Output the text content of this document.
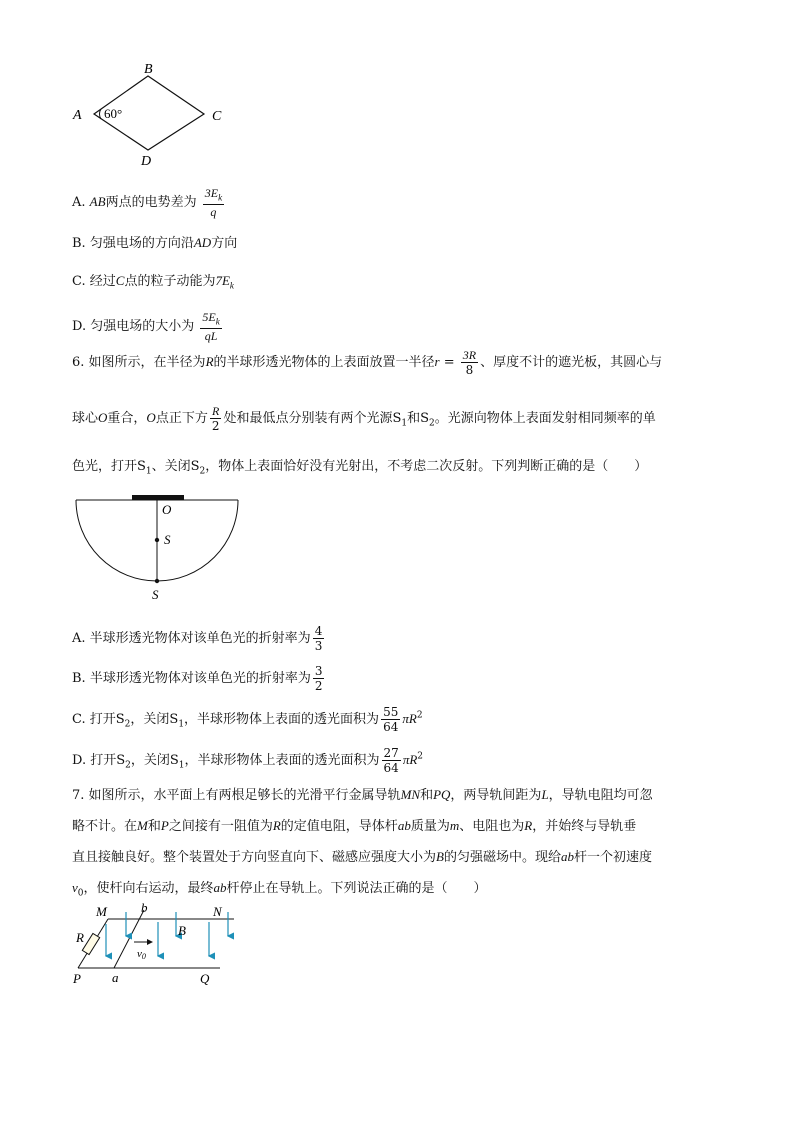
B
A 60°	C
D
A. AB两点的电势差为 $\frac{3E_k}{q}$
B. 匀强电场的方向沿AD方向
C. 经过C点的粒子动能为$7E_k$
D. 匀强电场的大小为 $\frac{5E_k}{qL}$
6. 如图所示，在半径为R的半球形透光物体的上表面放置一半径$r = \frac{3R}{8}$ 、厚度不计的遮光板，其圆心与
球心O重合，O点正下方 $\frac{R}{2}$ 处和最低点分别装有两个光源$S_1$和$S_2$。光源向物体上表面发射相同频率的单
色光，打开$S_1$、关闭$S_2$，物体上表面恰好没有光射出，不考虑二次反射。下列判断正确的是（　　）
O
S
S
A. 半球形透光物体对该单色光的折射率为 $\frac{4}{3}$
B. 半球形透光物体对该单色光的折射率为 $\frac{3}{2}$
C. 打开$S_2$，关闭$S_1$，半球形物体上表面的透光面积为 $\frac{55}{64} \pi R^2$
D. 打开$S_2$，关闭$S_1$，半球形物体上表面的透光面积为 $\frac{27}{64} \pi R^2$
7. 如图所示，水平面上有两根足够长的光滑平行金属导轨MN和PQ，两导轨间距为L，导轨电阻均可忽
略不计。在M和P之间接有一阻值为R的定值电阻，导体杆ab质量为m、电阻也为R，并始终与导轨垂
直且接触良好。整个装置处于方向竖直向下、磁感应强度大小为B的匀强磁场中。现给ab杆一个初速度
$v_0$，使杆向右运动，最终ab杆停止在导轨上。下列说法正确的是（　　）
M	b	N
R	B
v0
P a	Q
